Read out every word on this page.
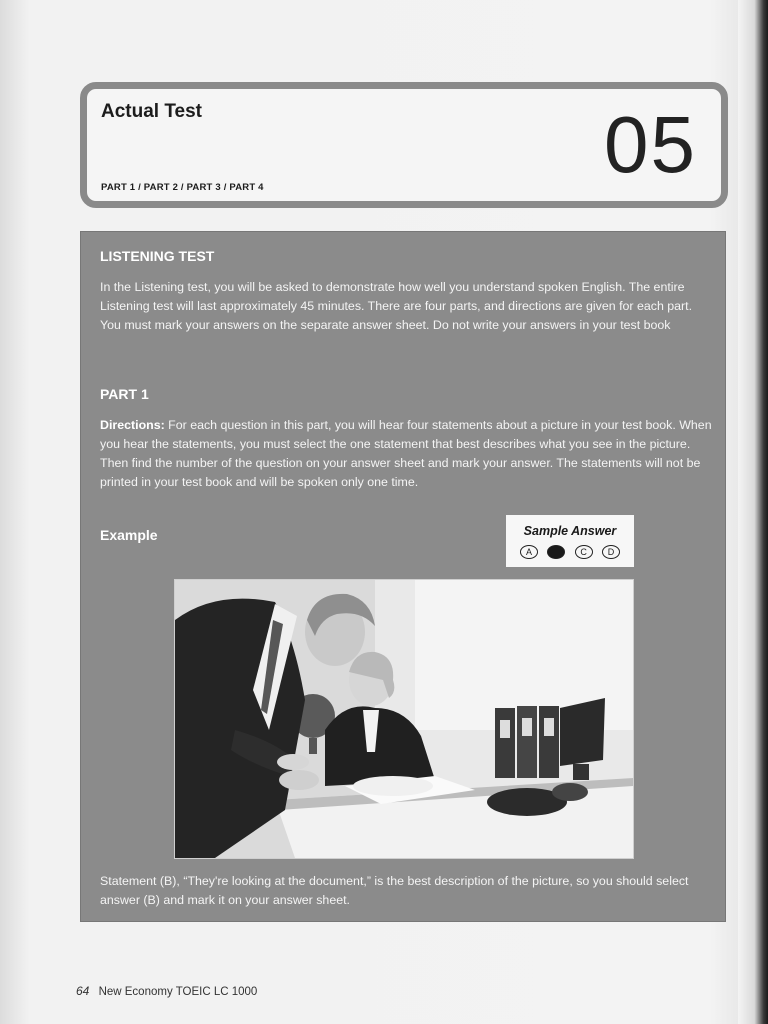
Actual Test
PART 1 / PART 2 / PART 3 / PART 4	05
LISTENING TEST
In the Listening test, you will be asked to demonstrate how well you understand spoken English. The entire Listening test will last approximately 45 minutes. There are four parts, and directions are given for each part. You must mark your answers on the separate answer sheet. Do not write your answers in your test book
PART 1
Directions: For each question in this part, you will hear four statements about a picture in your test book. When you hear the statements, you must select the one statement that best describes what you see in the picture. Then find the number of the question on your answer sheet and mark your answer. The statements will not be printed in your test book and will be spoken only one time.
Example	Sample Answer
A	C	D
Statement (B), “They're looking at the document,” is the best description of the picture, so you should select answer (B) and mark it on your answer sheet.
64 New Economy TOEIC LC 1000
